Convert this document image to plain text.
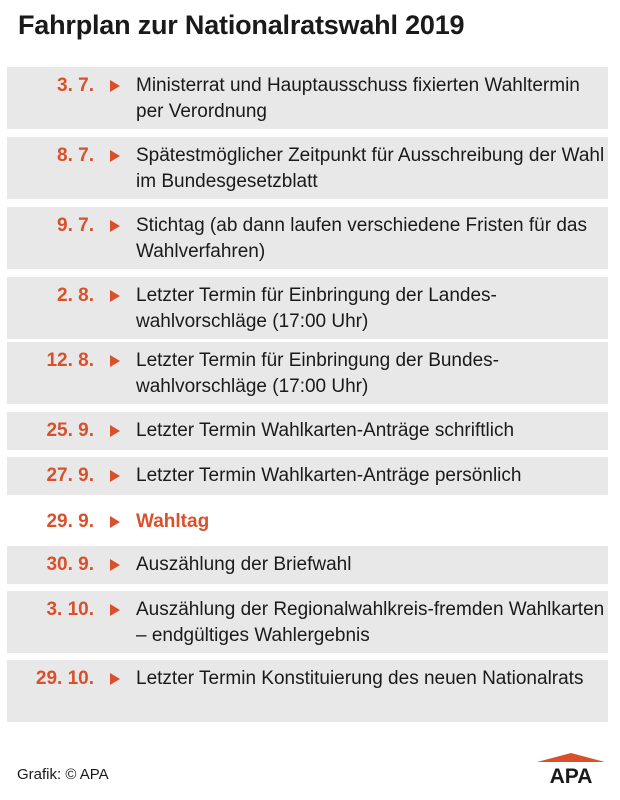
Fahrplan zur Nationalratswahl 2019
3. 7. Ministerrat und Hauptausschuss fixierten Wahltermin per Verordnung
8. 7. Spätestmöglicher Zeitpunkt für Ausschreibung der Wahl im Bundesgesetzblatt
9. 7. Stichtag (ab dann laufen verschiedene Fristen für das Wahlverfahren)
2. 8. Letzter Termin für Einbringung der Landes-wahlvorschläge (17:00 Uhr)
12. 8. Letzter Termin für Einbringung der Bundes-wahlvorschläge (17:00 Uhr)
25. 9. Letzter Termin Wahlkarten-Anträge schriftlich
27. 9. Letzter Termin Wahlkarten-Anträge persönlich
29. 9. Wahltag
30. 9. Auszählung der Briefwahl
3. 10. Auszählung der Regionalwahlkreis-fremden Wahlkarten – endgültiges Wahlergebnis
29. 10. Letzter Termin Konstituierung des neuen Nationalrats
Grafik: © APA	APA
